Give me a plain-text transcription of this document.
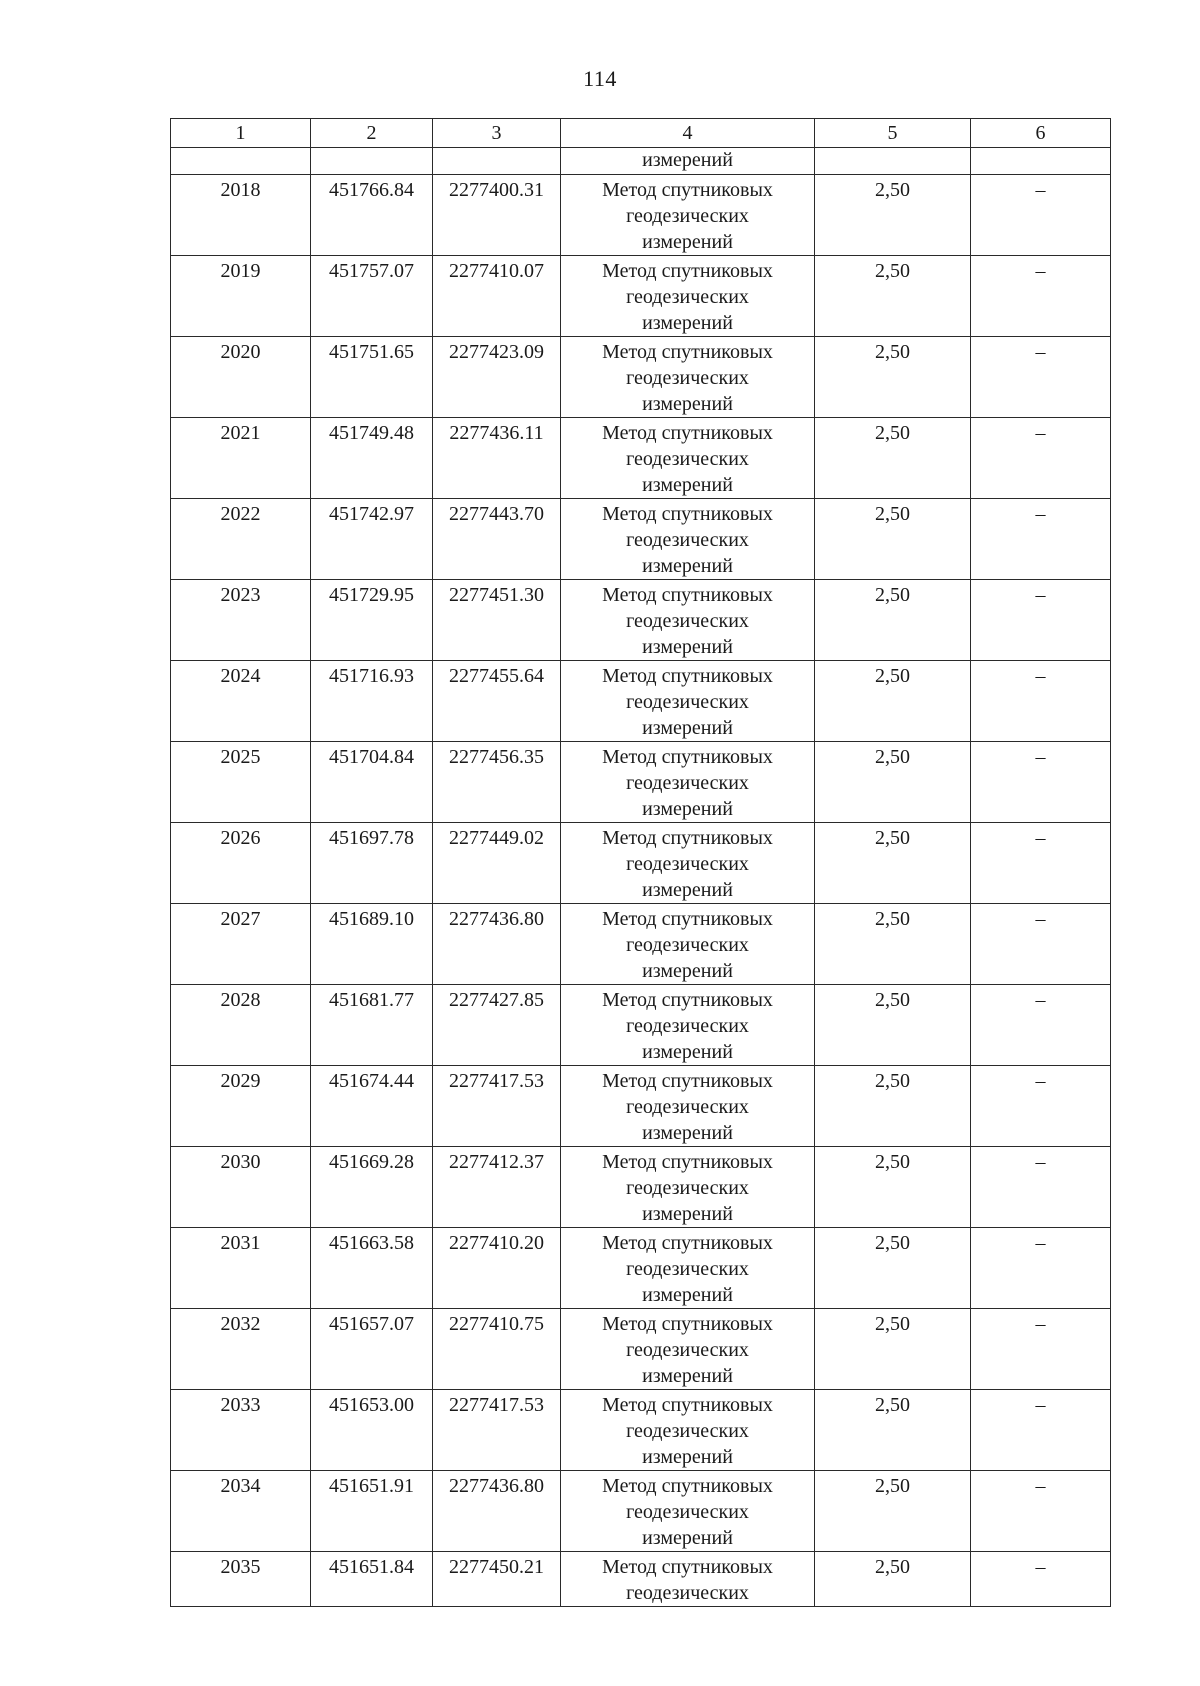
114
1	2	3	4	5	6
			измерений		
2018	451766.84	2277400.31	Метод спутниковых
геодезических
измерений	2,50	–
2019	451757.07	2277410.07	Метод спутниковых
геодезических
измерений	2,50	–
2020	451751.65	2277423.09	Метод спутниковых
геодезических
измерений	2,50	–
2021	451749.48	2277436.11	Метод спутниковых
геодезических
измерений	2,50	–
2022	451742.97	2277443.70	Метод спутниковых
геодезических
измерений	2,50	–
2023	451729.95	2277451.30	Метод спутниковых
геодезических
измерений	2,50	–
2024	451716.93	2277455.64	Метод спутниковых
геодезических
измерений	2,50	–
2025	451704.84	2277456.35	Метод спутниковых
геодезических
измерений	2,50	–
2026	451697.78	2277449.02	Метод спутниковых
геодезических
измерений	2,50	–
2027	451689.10	2277436.80	Метод спутниковых
геодезических
измерений	2,50	–
2028	451681.77	2277427.85	Метод спутниковых
геодезических
измерений	2,50	–
2029	451674.44	2277417.53	Метод спутниковых
геодезических
измерений	2,50	–
2030	451669.28	2277412.37	Метод спутниковых
геодезических
измерений	2,50	–
2031	451663.58	2277410.20	Метод спутниковых
геодезических
измерений	2,50	–
2032	451657.07	2277410.75	Метод спутниковых
геодезических
измерений	2,50	–
2033	451653.00	2277417.53	Метод спутниковых
геодезических
измерений	2,50	–
2034	451651.91	2277436.80	Метод спутниковых
геодезических
измерений	2,50	–
2035	451651.84	2277450.21	Метод спутниковых
геодезических	2,50	–
